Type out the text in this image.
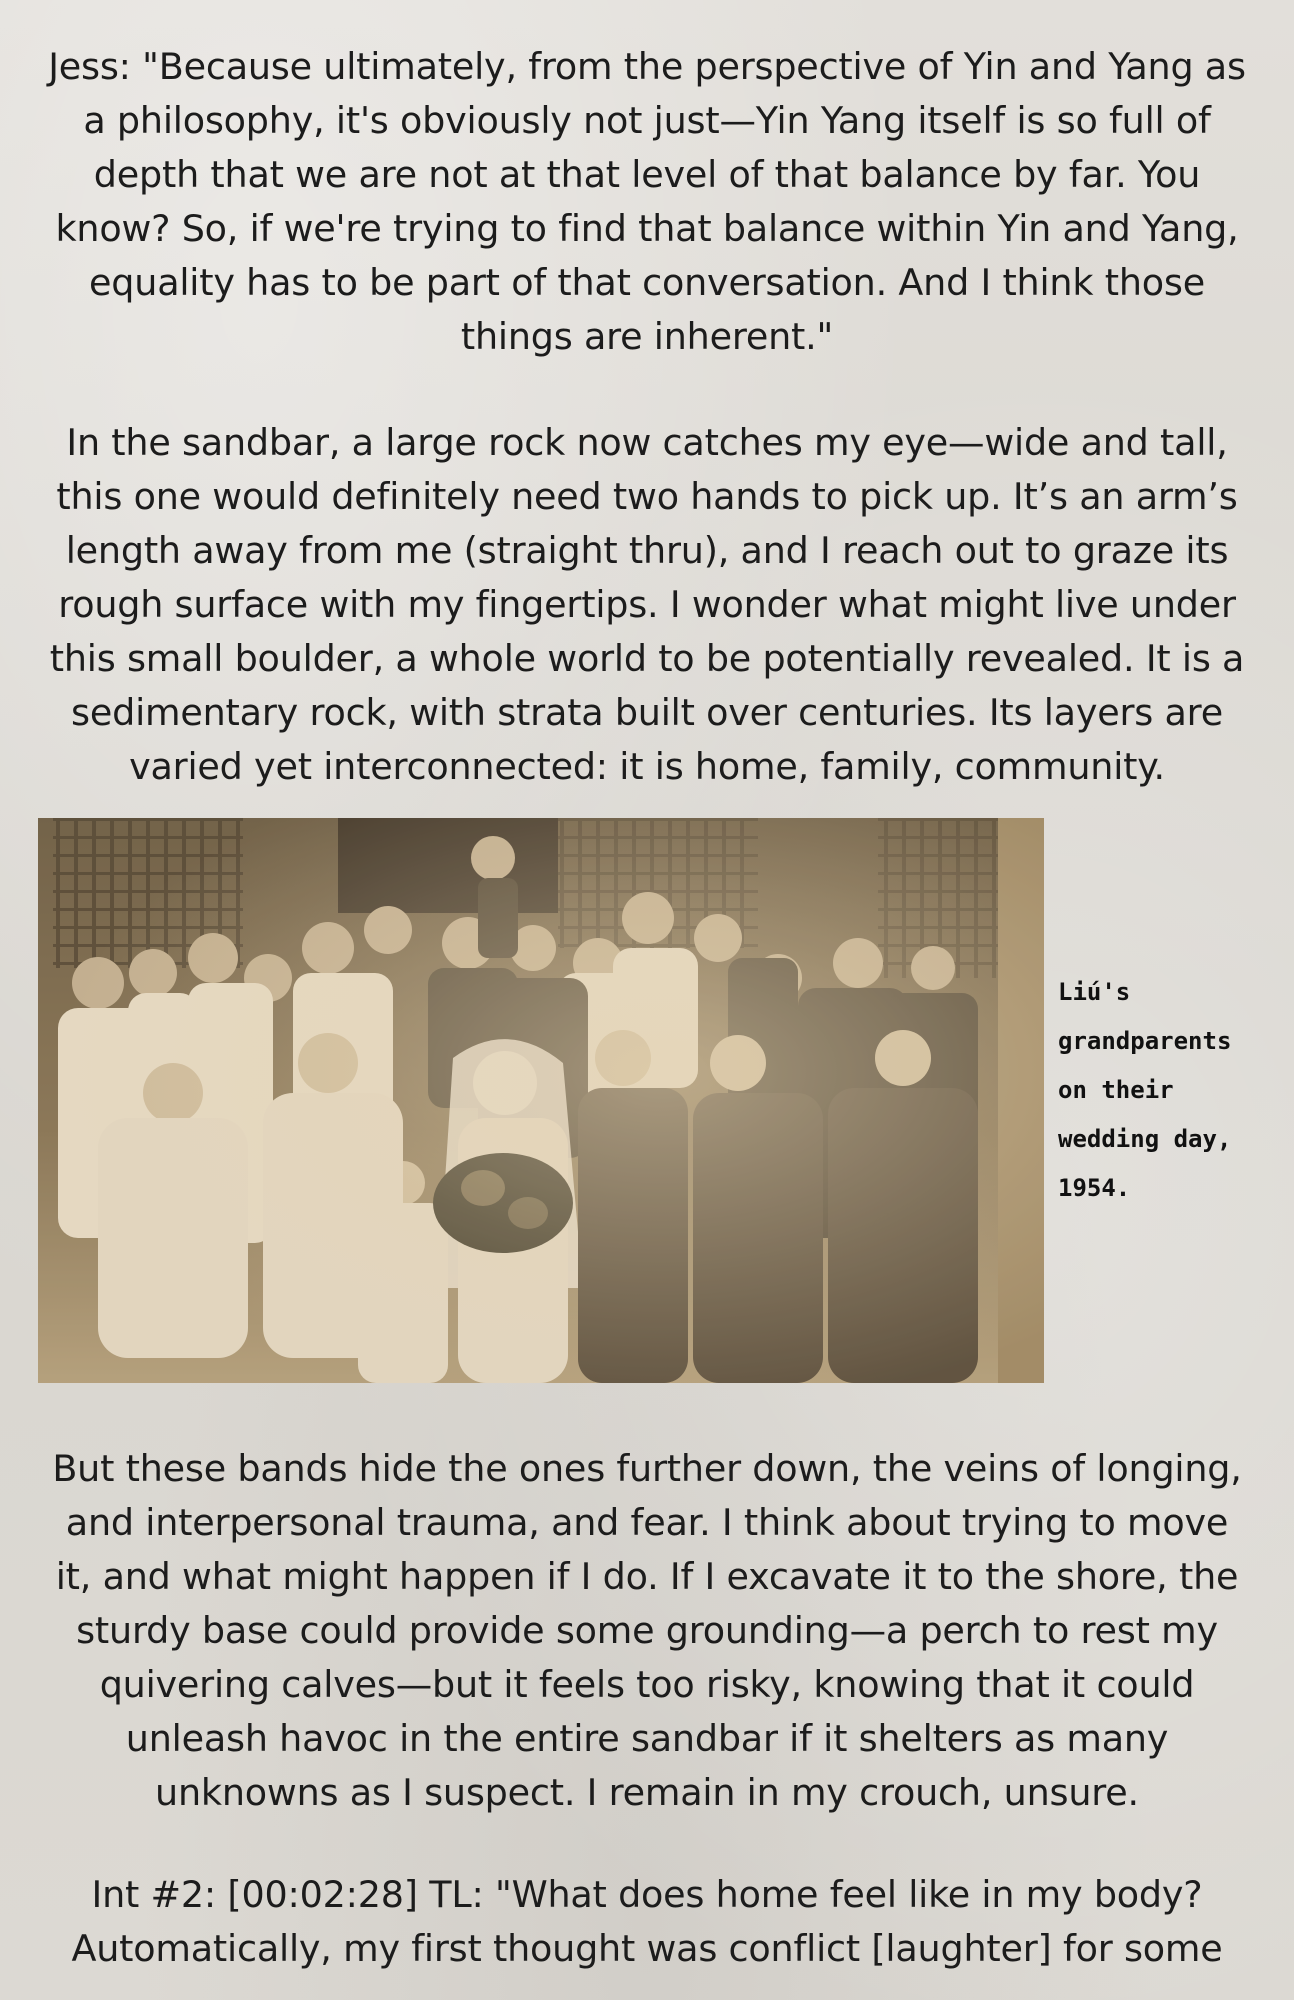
Jess: "Because ultimately, from the perspective of Yin and Yang as
a philosophy, it's obviously not just—Yin Yang itself is so full of
depth that we are not at that level of that balance by far. You
know? So, if we're trying to find that balance within Yin and Yang,
equality has to be part of that conversation. And I think those
things are inherent."

In the sandbar, a large rock now catches my eye—wide and tall,
this one would definitely need two hands to pick up. It’s an arm’s
length away from me (straight thru), and I reach out to graze its
rough surface with my fingertips. I wonder what might live under
this small boulder, a whole world to be potentially revealed. It is a
sedimentary rock, with strata built over centuries. Its layers are
varied yet interconnected: it is home, family, community.

Liú's
grandparents
on their
wedding day,
1954.

But these bands hide the ones further down, the veins of longing,
and interpersonal trauma, and fear. I think about trying to move
it, and what might happen if I do. If I excavate it to the shore, the
sturdy base could provide some grounding—a perch to rest my
quivering calves—but it feels too risky, knowing that it could
unleash havoc in the entire sandbar if it shelters as many
unknowns as I suspect. I remain in my crouch, unsure.

Int #2: [00:02:28] TL: "What does home feel like in my body?
Automatically, my first thought was conflict [laughter] for some
